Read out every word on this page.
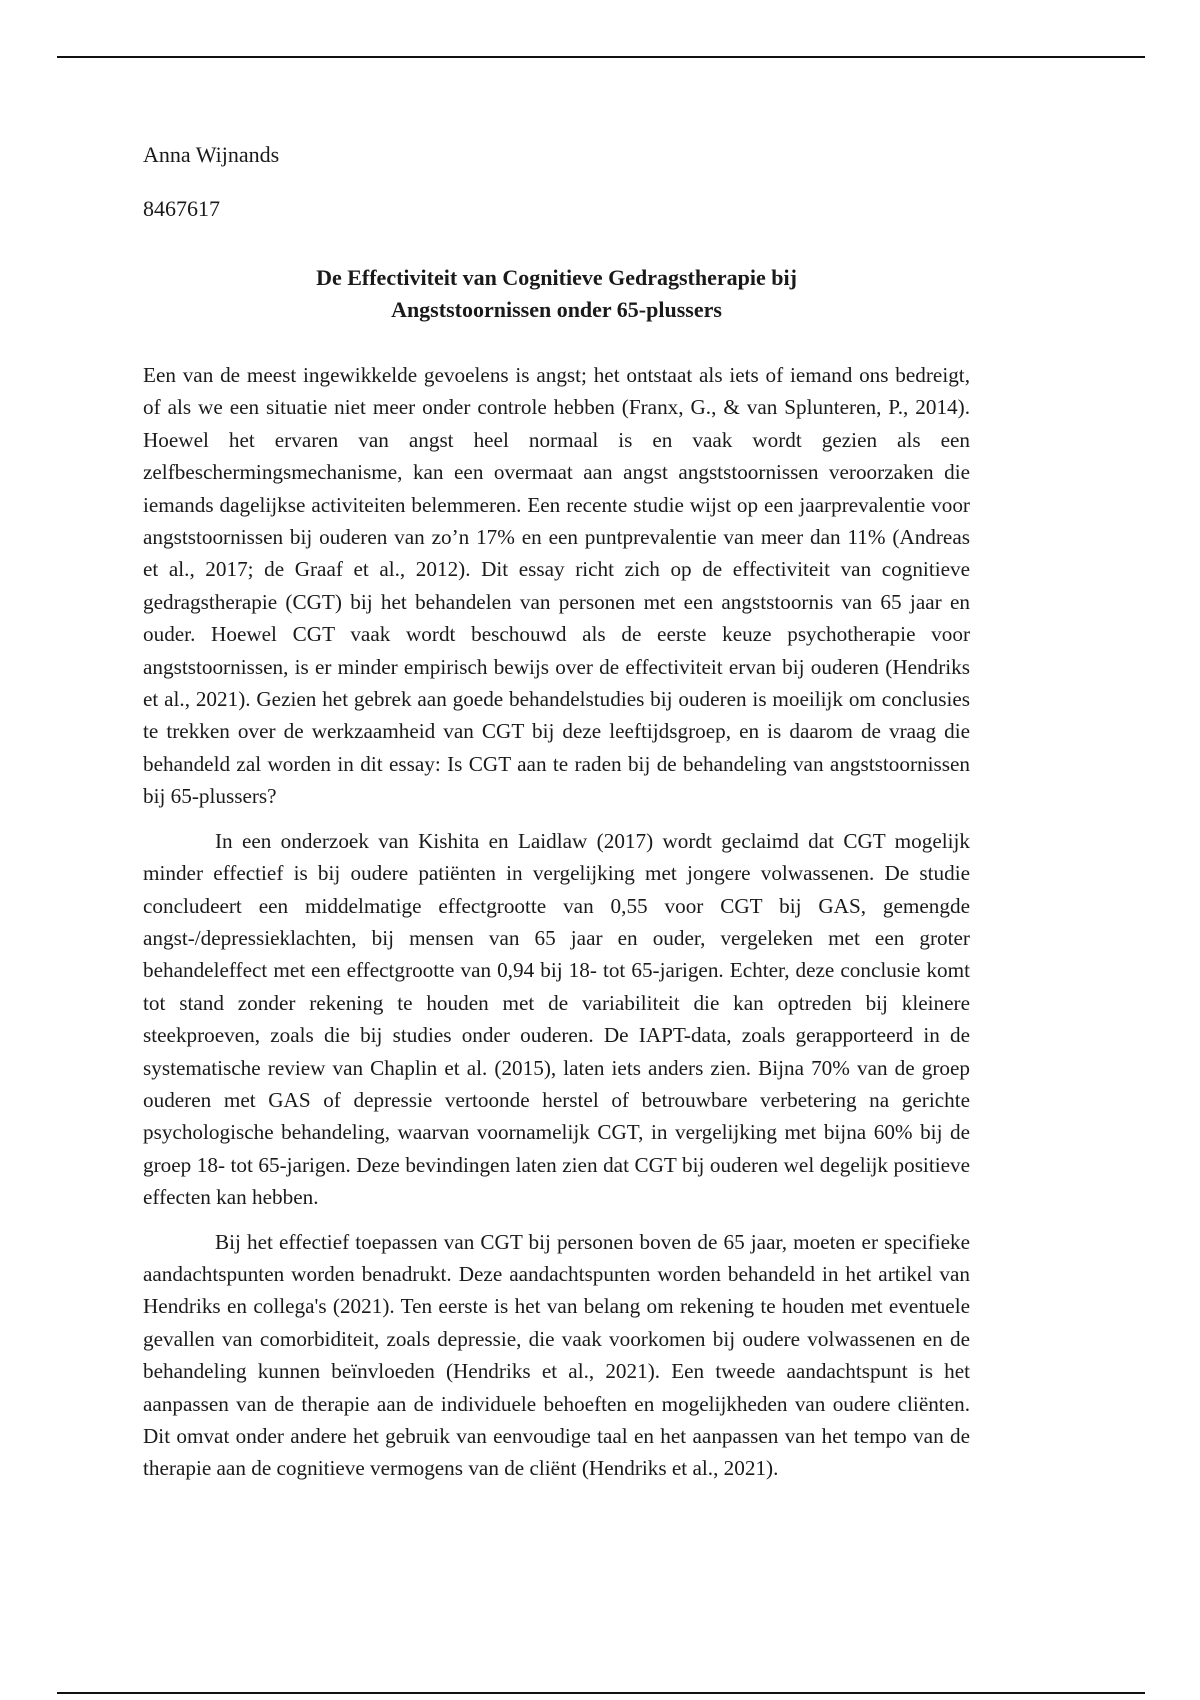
Anna Wijnands

8467617

De Effectiviteit van Cognitieve Gedragstherapie bij
Angststoornissen onder 65-plussers

Een van de meest ingewikkelde gevoelens is angst; het ontstaat als iets of iemand ons bedreigt, of als we een situatie niet meer onder controle hebben (Franx, G., & van Splunteren, P., 2014). Hoewel het ervaren van angst heel normaal is en vaak wordt gezien als een zelfbeschermingsmechanisme, kan een overmaat aan angst angststoornissen veroorzaken die iemands dagelijkse activiteiten belemmeren. Een recente studie wijst op een jaarprevalentie voor angststoornissen bij ouderen van zo’n 17% en een puntprevalentie van meer dan 11% (Andreas et al., 2017; de Graaf et al., 2012). Dit essay richt zich op de effectiviteit van cognitieve gedragstherapie (CGT) bij het behandelen van personen met een angststoornis van 65 jaar en ouder. Hoewel CGT vaak wordt beschouwd als de eerste keuze psychotherapie voor angststoornissen, is er minder empirisch bewijs over de effectiviteit ervan bij ouderen (Hendriks et al., 2021). Gezien het gebrek aan goede behandelstudies bij ouderen is moeilijk om conclusies te trekken over de werkzaamheid van CGT bij deze leeftijdsgroep, en is daarom de vraag die behandeld zal worden in dit essay: Is CGT aan te raden bij de behandeling van angststoornissen bij 65-plussers?

In een onderzoek van Kishita en Laidlaw (2017) wordt geclaimd dat CGT mogelijk minder effectief is bij oudere patiënten in vergelijking met jongere volwassenen. De studie concludeert een middelmatige effectgrootte van 0,55 voor CGT bij GAS, gemengde angst-/depressieklachten, bij mensen van 65 jaar en ouder, vergeleken met een groter behandeleffect met een effectgrootte van 0,94 bij 18- tot 65-jarigen. Echter, deze conclusie komt tot stand zonder rekening te houden met de variabiliteit die kan optreden bij kleinere steekproeven, zoals die bij studies onder ouderen. De IAPT-data, zoals gerapporteerd in de systematische review van Chaplin et al. (2015), laten iets anders zien. Bijna 70% van de groep ouderen met GAS of depressie vertoonde herstel of betrouwbare verbetering na gerichte psychologische behandeling, waarvan voornamelijk CGT, in vergelijking met bijna 60% bij de groep 18- tot 65-jarigen. Deze bevindingen laten zien dat CGT bij ouderen wel degelijk positieve effecten kan hebben.

Bij het effectief toepassen van CGT bij personen boven de 65 jaar, moeten er specifieke aandachtspunten worden benadrukt. Deze aandachtspunten worden behandeld in het artikel van Hendriks en collega's (2021). Ten eerste is het van belang om rekening te houden met eventuele gevallen van comorbiditeit, zoals depressie, die vaak voorkomen bij oudere volwassenen en de behandeling kunnen beïnvloeden (Hendriks et al., 2021). Een tweede aandachtspunt is het aanpassen van de therapie aan de individuele behoeften en mogelijkheden van oudere cliënten. Dit omvat onder andere het gebruik van eenvoudige taal en het aanpassen van het tempo van de therapie aan de cognitieve vermogens van de cliënt (Hendriks et al., 2021).
